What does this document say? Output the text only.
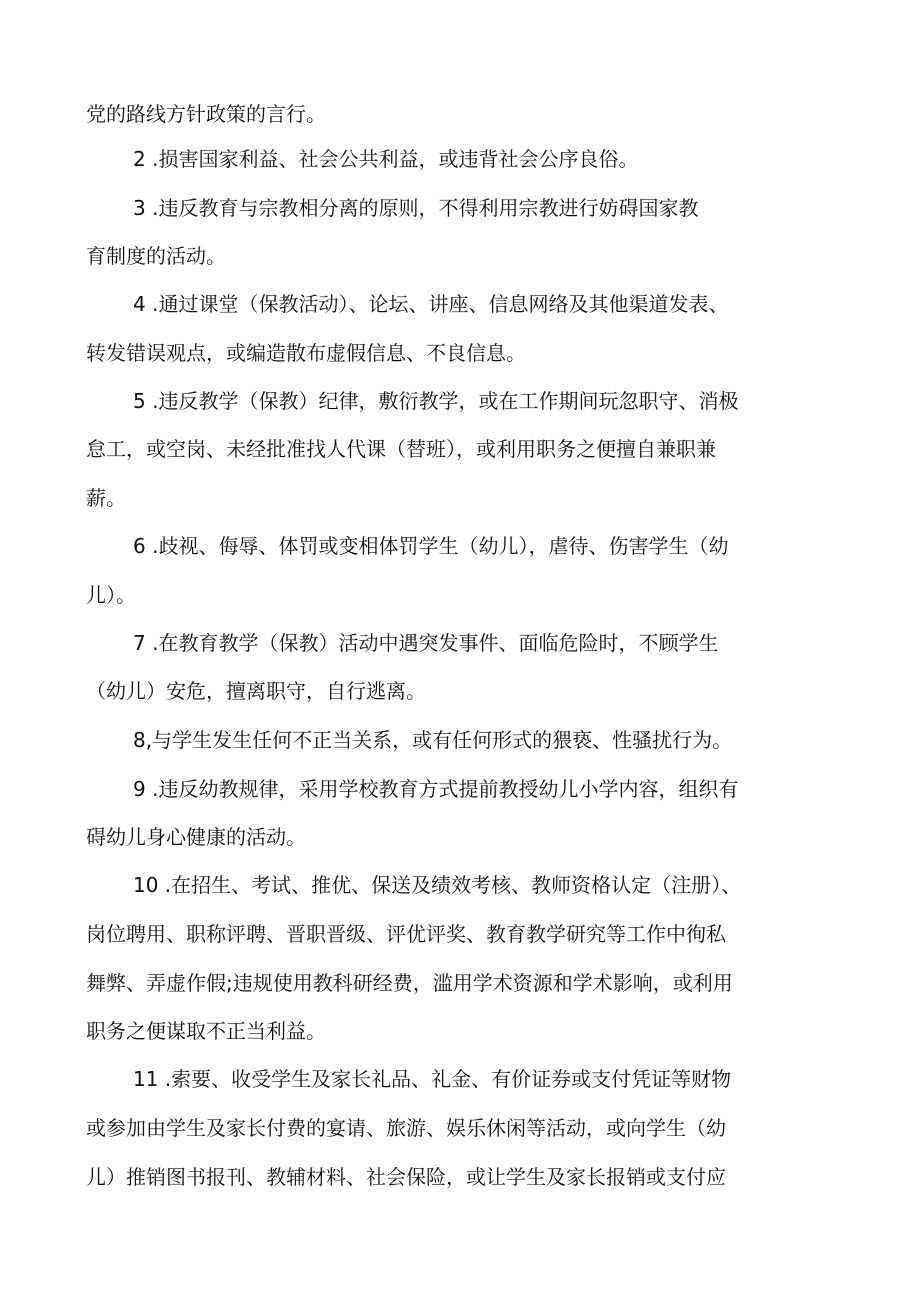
党的路线方针政策的言行。
2 .损害国家利益、社会公共利益，或违背社会公序良俗。
3 .违反教育与宗教相分离的原则，不得利用宗教进行妨碍国家教
育制度的活动。
4 .通过课堂（保教活动）、论坛、讲座、信息网络及其他渠道发表、
转发错误观点，或编造散布虚假信息、不良信息。
5 .违反教学（保教）纪律，敷衍教学，或在工作期间玩忽职守、消极
怠工，或空岗、未经批准找人代课（替班），或利用职务之便擅自兼职兼
薪。
6 .歧视、侮辱、体罚或变相体罚学生（幼儿），虐待、伤害学生（幼
儿）。
7 .在教育教学（保教）活动中遇突发事件、面临危险时，不顾学生
（幼儿）安危，擅离职守，自行逃离。
8,与学生发生任何不正当关系，或有任何形式的猥亵、性骚扰行为。
9 .违反幼教规律，采用学校教育方式提前教授幼儿小学内容，组织有
碍幼儿身心健康的活动。
10 .在招生、考试、推优、保送及绩效考核、教师资格认定（注册）、
岗位聘用、职称评聘、晋职晋级、评优评奖、教育教学研究等工作中徇私
舞弊、弄虚作假;违规使用教科研经费，滥用学术资源和学术影响，或利用
职务之便谋取不正当利益。
11 .索要、收受学生及家长礼品、礼金、有价证券或支付凭证等财物
或参加由学生及家长付费的宴请、旅游、娱乐休闲等活动，或向学生（幼
儿）推销图书报刊、教辅材料、社会保险，或让学生及家长报销或支付应
